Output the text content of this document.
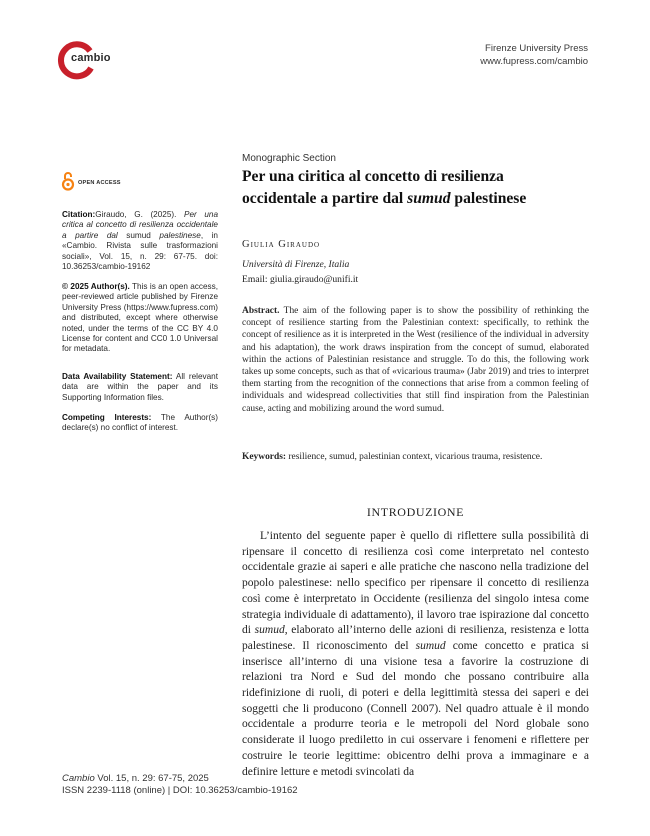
cambio
Firenze University Press
www.fupress.com/cambio
OPEN ACCESS
Citation:Giraudo, G. (2025). Per una critica al concetto di resilienza occidentale a partire dal sumud palestinese, in «Cambio. Rivista sulle trasformazioni sociali», Vol. 15, n. 29: 67-75. doi: 10.36253/cambio-19162
© 2025 Author(s). This is an open access, peer-reviewed article published by Firenze University Press (https://www.fupress.com) and distributed, except where otherwise noted, under the terms of the CC BY 4.0 License for content and CC0 1.0 Universal for metadata.
Data Availability Statement: All relevant data are within the paper and its Supporting Information files.
Competing Interests: The Author(s) declare(s) no conflict of interest.
Monographic Section
Per una ciritica al concetto di resilienza
occidentale a partire dal sumud palestinese
Giulia Giraudo
Università di Firenze, Italia
Email: giulia.giraudo@unifi.it
Abstract. The aim of the following paper is to show the possibility of rethinking the concept of resilience starting from the Palestinian context: specifically, to rethink the concept of resilience as it is interpreted in the West (resilience of the individual in adversity and his adaptation), the work draws inspiration from the concept of sumud, elaborated within the actions of Palestinian resistance and struggle. To do this, the following work takes up some concepts, such as that of «vicarious trauma» (Jabr 2019) and tries to interpret them starting from the recognition of the connections that arise from a common feeling of individuals and widespread collectivities that still find inspiration from the Palestinian cause, acting and mobilizing around the word sumud.
Keywords: resilience, sumud, palestinian context, vicarious trauma, resistence.
INTRODUZIONE
L’intento del seguente paper è quello di riflettere sulla possibilità di ripensare il concetto di resilienza così come interpretato nel contesto occidentale grazie ai saperi e alle pratiche che nascono nella tradizione del popolo palestinese: nello specifico per ripensare il concetto di resilienza così come è interpretato in Occidente (resilienza del singolo intesa come strategia individuale di adattamento), il lavoro trae ispirazione dal concetto di sumud, elaborato all’interno delle azioni di resilienza, resistenza e lotta palestinese. Il riconoscimento del sumud come concetto e pratica si inserisce all’interno di una visione tesa a favorire la costruzione di relazioni tra Nord e Sud del mondo che possano contribuire alla ridefinizione di ruoli, di poteri e della legittimità stessa dei saperi e dei soggetti che li producono (Connell 2007). Nel quadro attuale è il mondo occidentale a produrre teoria e le metropoli del Nord globale sono considerate il luogo prediletto in cui osservare i fenomeni e riflettere per costruire le teorie legittime: obicentro delhi prova a immaginare e a definire letture e metodi svincolati da
Cambio Vol. 15, n. 29: 67-75, 2025
ISSN 2239-1118 (online) | DOI: 10.36253/cambio-19162
